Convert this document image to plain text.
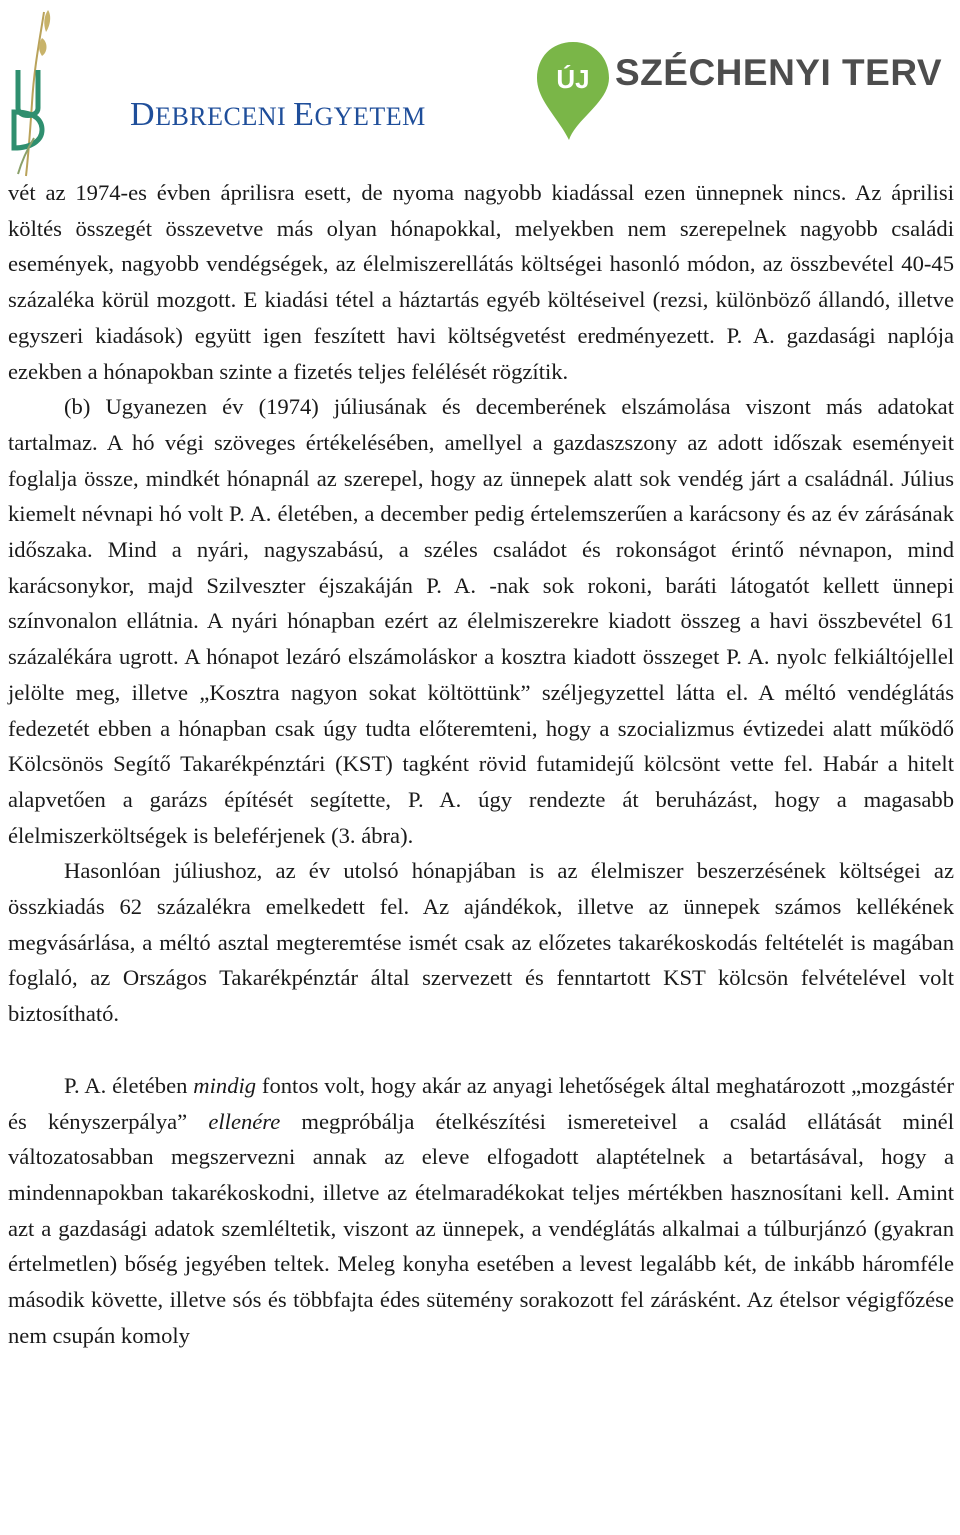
DEBRECENI EGYETEM
ÚJ SZÉCHENYI TERV

vét az 1974-es évben áprilisra esett, de nyoma nagyobb kiadással ezen ünnepnek nincs. Az áprilisi költés összegét összevetve más olyan hónapokkal, melyekben nem szerepelnek nagyobb családi események, nagyobb vendégségek, az élelmiszerellátás költségei hasonló módon, az összbevétel 40-45 százaléka körül mozgott. E kiadási tétel a háztartás egyéb költéseivel (rezsi, különböző állandó, illetve egyszeri kiadások) együtt igen feszített havi költségvetést eredményezett. P. A. gazdasági naplója ezekben a hónapokban szinte a fizetés teljes felélését rögzítik.

(b) Ugyanezen év (1974) júliusának és decemberének elszámolása viszont más adatokat tartalmaz. A hó végi szöveges értékelésében, amellyel a gazdaszszony az adott időszak eseményeit foglalja össze, mindkét hónapnál az szerepel, hogy az ünnepek alatt sok vendég járt a családnál. Július kiemelt névnapi hó volt P. A. életében, a december pedig értelemszerűen a karácsony és az év zárásának időszaka. Mind a nyári, nagyszabású, a széles családot és rokonságot érintő névnapon, mind karácsonykor, majd Szilveszter éjszakáján P. A. -nak sok rokoni, baráti látogatót kellett ünnepi színvonalon ellátnia. A nyári hónapban ezért az élelmiszerekre kiadott összeg a havi összbevétel 61 százalékára ugrott. A hónapot lezáró elszámoláskor a kosztra kiadott összeget P. A. nyolc felkiáltójellel jelölte meg, illetve „Kosztra nagyon sokat költöttünk” széljegyzettel látta el. A méltó vendéglátás fedezetét ebben a hónapban csak úgy tudta előteremteni, hogy a szocializmus évtizedei alatt működő Kölcsönös Segítő Takarékpénztári (KST) tagként rövid futamidejű kölcsönt vette fel. Habár a hitelt alapvetően a garázs építését segítette, P. A. úgy rendezte át beruházást, hogy a magasabb élelmiszerköltségek is beleférjenek (3. ábra).

Hasonlóan júliushoz, az év utolsó hónapjában is az élelmiszer beszerzésének költségei az összkiadás 62 százalékra emelkedett fel. Az ajándékok, illetve az ünnepek számos kellékének megvásárlása, a méltó asztal megteremtése ismét csak az előzetes takarékoskodás feltételét is magában foglaló, az Országos Takarékpénztár által szervezett és fenntartott KST kölcsön felvételével volt biztosítható.

P. A. életében mindig fontos volt, hogy akár az anyagi lehetőségek által meghatározott „mozgástér és kényszerpálya” ellenére megpróbálja ételkészítési ismereteivel a család ellátását minél változatosabban megszervezni annak az eleve elfogadott alaptételnek a betartásával, hogy a mindennapokban takarékoskodni, illetve az ételmaradékokat teljes mértékben hasznosítani kell. Amint azt a gazdasági adatok szemléltetik, viszont az ünnepek, a vendéglátás alkalmai a túlburjánzó (gyakran értelmetlen) bőség jegyében teltek. Meleg konyha esetében a levest legalább két, de inkább háromféle második követte, illetve sós és többfajta édes sütemény sorakozott fel zárásként. Az ételsor végigfőzése nem csupán komoly
